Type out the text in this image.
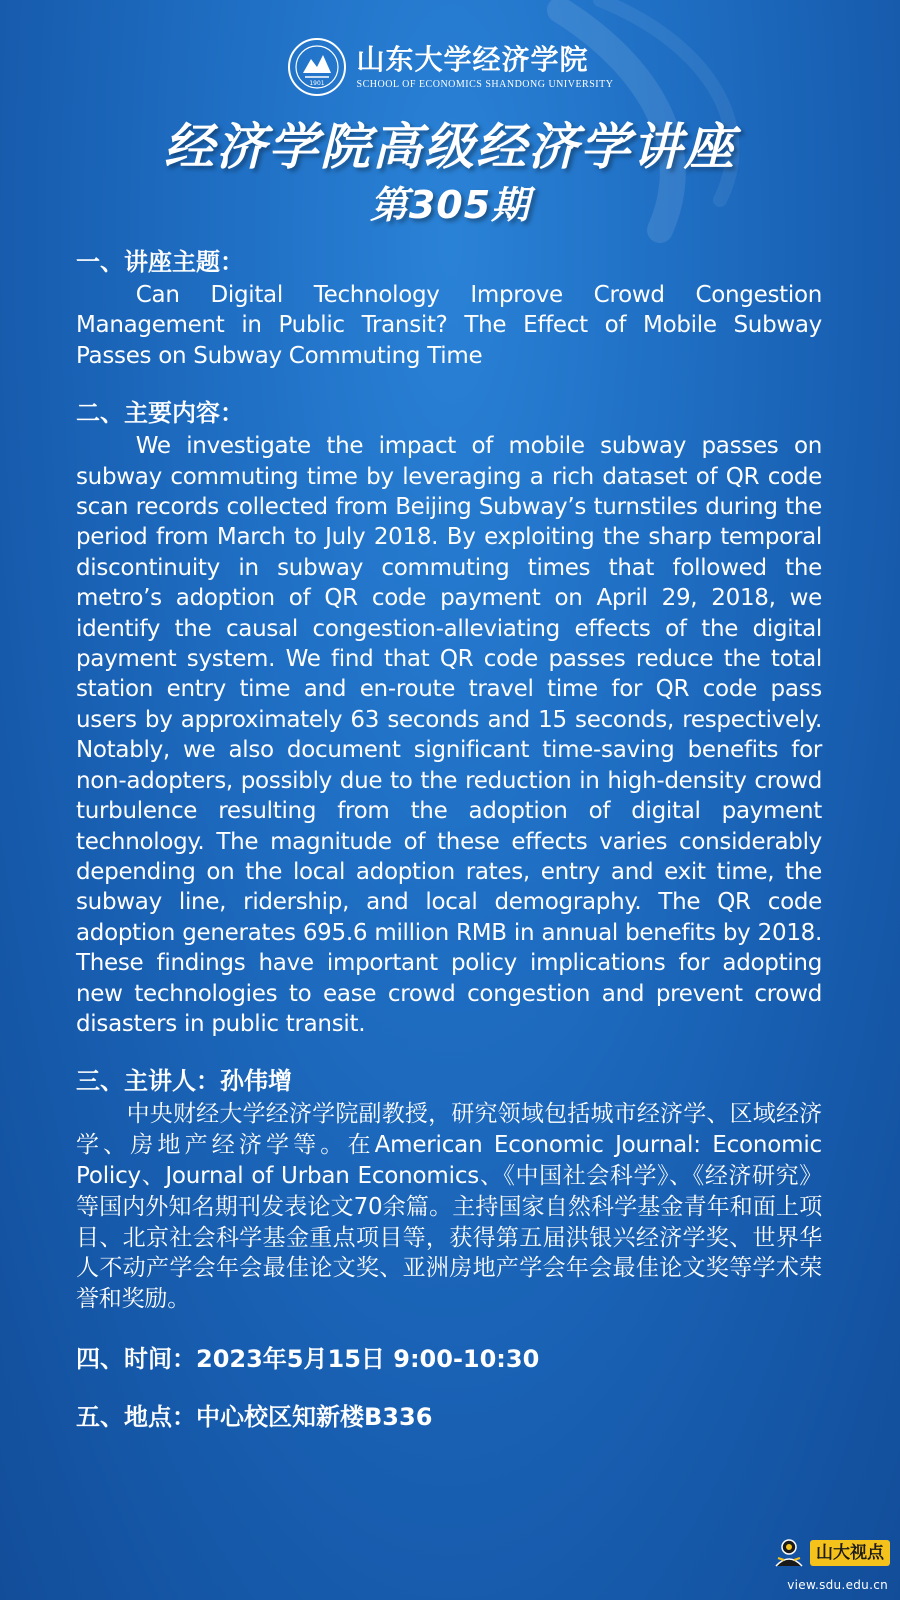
1901
山东大学经济学院
SCHOOL OF ECONOMICS SHANDONG UNIVERSITY
经济学院高级经济学讲座
第305期
一、讲座主题：

Can Digital Technology Improve Crowd Congestion Management in Public Transit? The Effect of Mobile Subway Passes on Subway Commuting Time

二、主要内容：

We investigate the impact of mobile subway passes on subway commuting time by leveraging a rich dataset of QR code scan records collected from Beijing Subway’s turnstiles during the period from March to July 2018. By exploiting the sharp temporal discontinuity in subway commuting times that followed the metro’s adoption of QR code payment on April 29, 2018, we identify the causal congestion-alleviating effects of the digital payment system. We find that QR code passes reduce the total station entry time and en-route travel time for QR code pass users by approximately 63 seconds and 15 seconds, respectively. Notably, we also document significant time-saving benefits for non-adopters, possibly due to the reduction in high-density crowd turbulence resulting from the adoption of digital payment technology. The magnitude of these effects varies considerably depending on the local adoption rates, entry and exit time, the subway line, ridership, and local demography. The QR code adoption generates 695.6 million RMB in annual benefits by 2018. These findings have important policy implications for adopting new technologies to ease crowd congestion and prevent crowd disasters in public transit.

三、主讲人：孙伟增

中央财经大学经济学院副教授，研究领域包括城市经济学、区域经济学、房地产经济学等。在American Economic Journal: Economic Policy、Journal of Urban Economics、《中国社会科学》、《经济研究》等国内外知名期刊发表论文70余篇。主持国家自然科学基金青年和面上项目、北京社会科学基金重点项目等，获得第五届洪银兴经济学奖、世界华人不动产学会年会最佳论文奖、亚洲房地产学会年会最佳论文奖等学术荣誉和奖励。

四、时间：2023年5月15日 9:00-10:30
五、地点：中心校区知新楼B336
山大视点
view.sdu.edu.cn
